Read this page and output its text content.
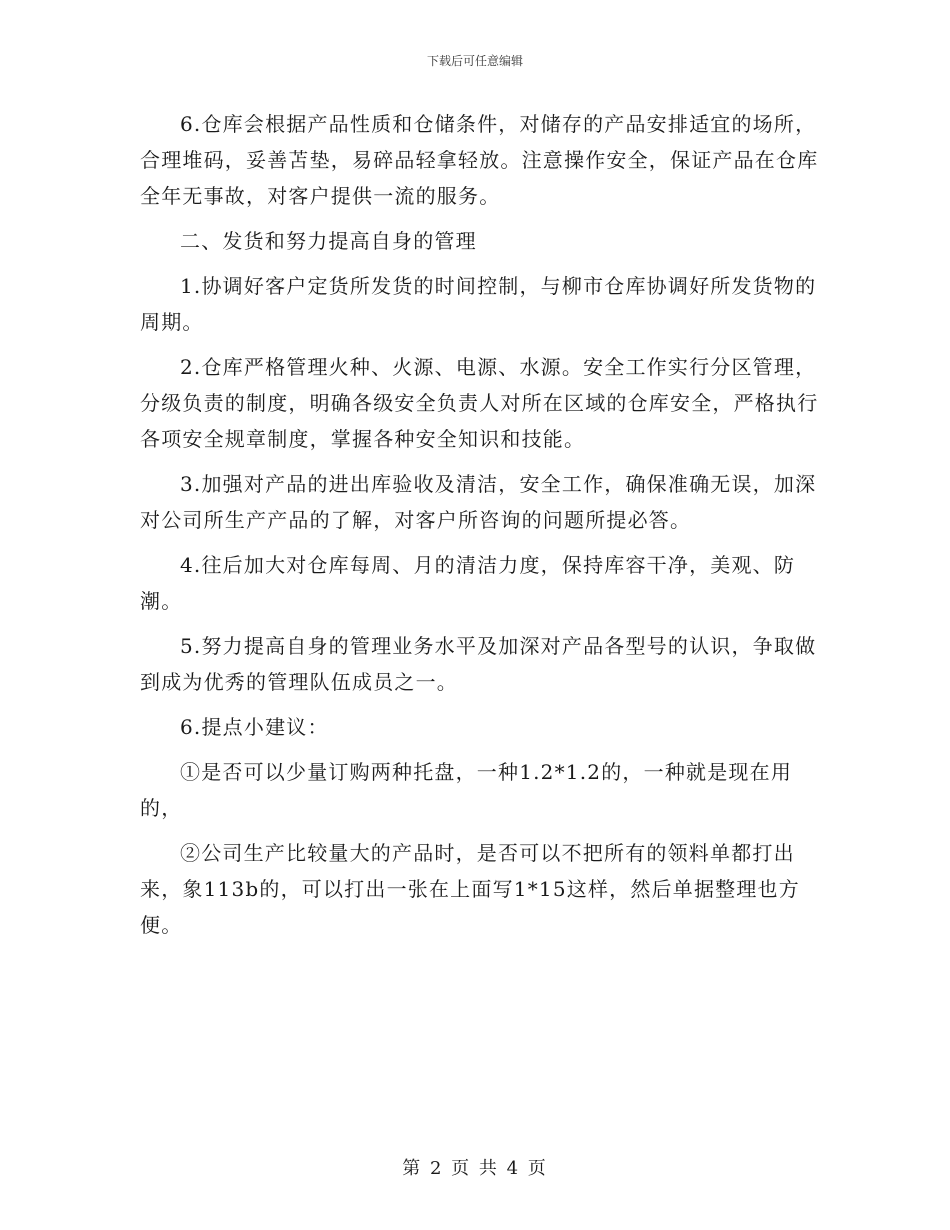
下载后可任意编辑

6.仓库会根据产品性质和仓储条件，对储存的产品安排适宜的场所，合理堆码，妥善苫垫，易碎品轻拿轻放。注意操作安全，保证产品在仓库全年无事故，对客户提供一流的服务。

二、发货和努力提高自身的管理

1.协调好客户定货所发货的时间控制，与柳市仓库协调好所发货物的周期。

2.仓库严格管理火种、火源、电源、水源。安全工作实行分区管理，分级负责的制度，明确各级安全负责人对所在区域的仓库安全，严格执行各项安全规章制度，掌握各种安全知识和技能。

3.加强对产品的进出库验收及清洁，安全工作，确保准确无误，加深对公司所生产产品的了解，对客户所咨询的问题所提必答。

4.往后加大对仓库每周、月的清洁力度，保持库容干净，美观、防潮。

5.努力提高自身的管理业务水平及加深对产品各型号的认识，争取做到成为优秀的管理队伍成员之一。

6.提点小建议：

①是否可以少量订购两种托盘，一种1.2*1.2的，一种就是现在用的，

②公司生产比较量大的产品时，是否可以不把所有的领料单都打出来，象113b的，可以打出一张在上面写1*15这样，然后单据整理也方便。

第 2 页 共 4 页
